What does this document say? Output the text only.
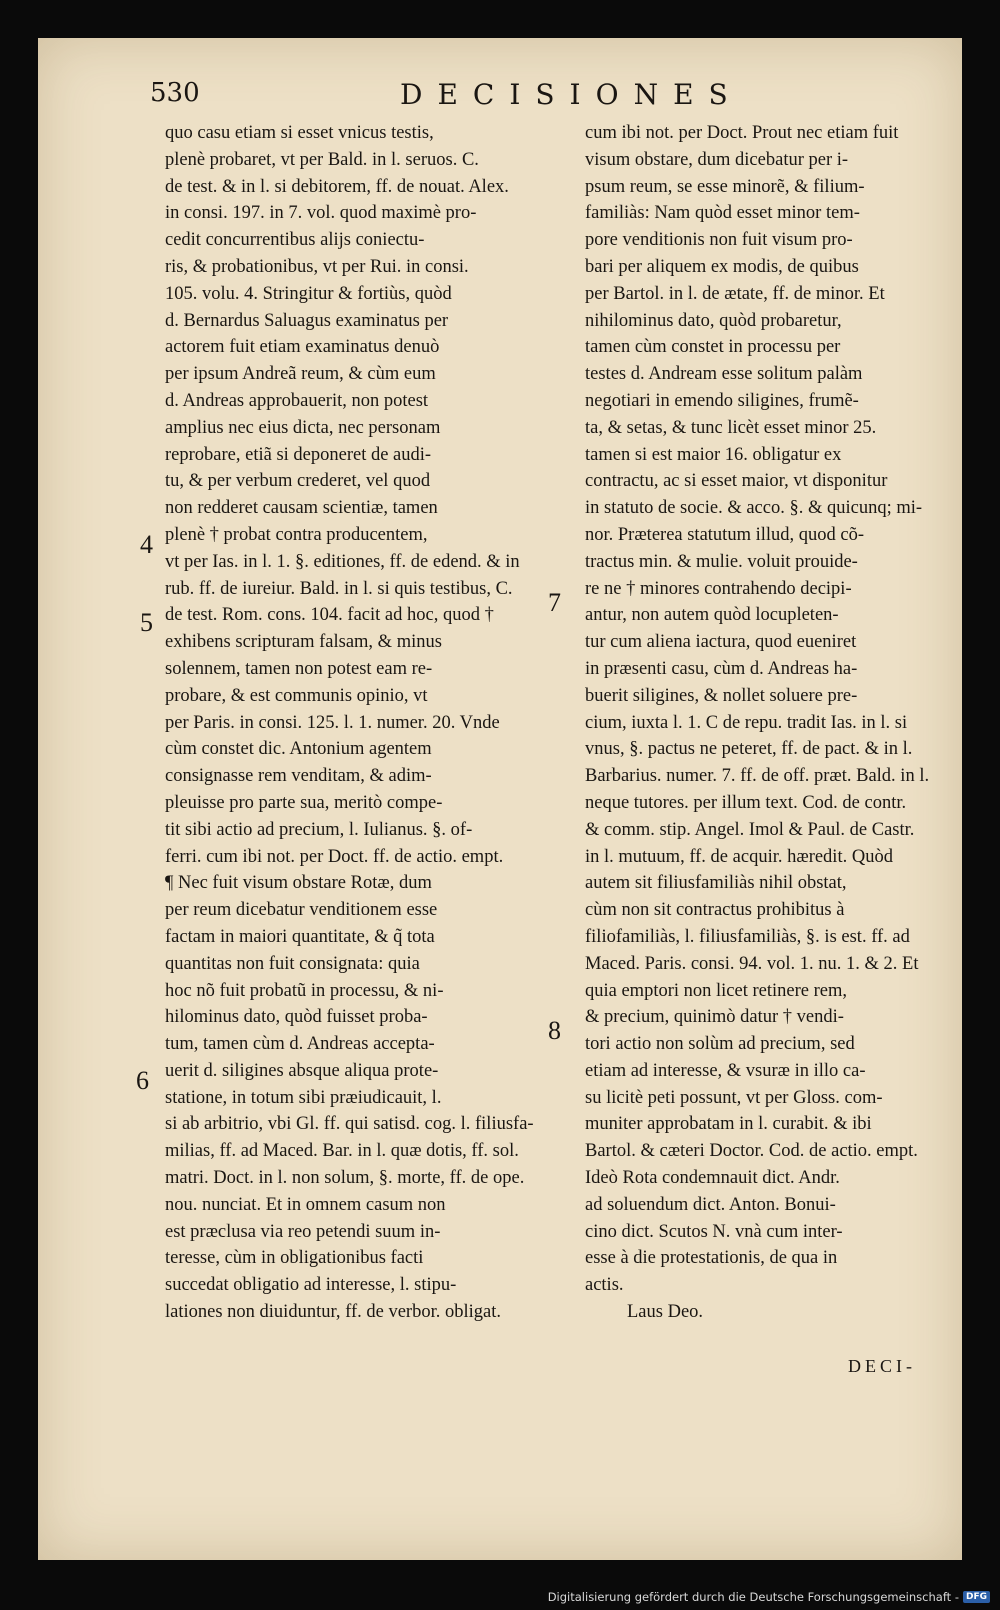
530	DECISIONES
quo casu etiam si esset vnicus testis,
plenè probaret, vt per Bald. in l. seruos. C.
de test. & in l. si debitorem, ff. de nouat. Alex.
in consi. 197. in 7. vol. quod maximè pro-
cedit concurrentibus alijs coniectu-
ris, & probationibus, vt per Rui. in consi.
105. volu. 4. Stringitur & fortiùs, quòd
d. Bernardus Saluagus examinatus per
actorem fuit etiam examinatus denuò
per ipsum Andreã reum, & cùm eum
d. Andreas approbauerit, non potest
amplius nec eius dicta, nec personam
reprobare, etiã si deponeret de audi-
tu, & per verbum crederet, vel quod
non redderet causam scientiæ, tamen
plenè † probat contra producentem,
vt per Ias. in l. 1. §. editiones, ff. de edend. & in
rub. ff. de iureiur. Bald. in l. si quis testibus, C.
de test. Rom. cons. 104. facit ad hoc, quod †
exhibens scripturam falsam, & minus
solennem, tamen non potest eam re-
probare, & est communis opinio, vt
per Paris. in consi. 125. l. 1. numer. 20. Vnde
cùm constet dic. Antonium agentem
consignasse rem venditam, & adim-
pleuisse pro parte sua, meritò compe-
tit sibi actio ad precium, l. Iulianus. §. of-
ferri. cum ibi not. per Doct. ff. de actio. empt.
¶ Nec fuit visum obstare Rotæ, dum
per reum dicebatur venditionem esse
factam in maiori quantitate, & q̃ tota
quantitas non fuit consignata: quia
hoc nõ fuit probatũ in processu, & ni-
hilominus dato, quòd fuisset proba-
tum, tamen cùm d. Andreas accepta-
uerit d. siligines absque aliqua prote-
statione, in totum sibi præiudicauit, l.
si ab arbitrio, vbi Gl. ff. qui satisd. cog. l. filiusfa-
milias, ff. ad Maced. Bar. in l. quæ dotis, ff. sol.
matri. Doct. in l. non solum, §. morte, ff. de ope.
nou. nunciat. Et in omnem casum non
est præclusa via reo petendi suum in-
teresse, cùm in obligationibus facti
succedat obligatio ad interesse, l. stipu-
lationes non diuiduntur, ff. de verbor. obligat.
cum ibi not. per Doct. Prout nec etiam fuit
visum obstare, dum dicebatur per i-
psum reum, se esse minorẽ, & filium-
familiàs: Nam quòd esset minor tem-
pore venditionis non fuit visum pro-
bari per aliquem ex modis, de quibus
per Bartol. in l. de ætate, ff. de minor. Et
nihilominus dato, quòd probaretur,
tamen cùm constet in processu per
testes d. Andream esse solitum palàm
negotiari in emendo siligines, frumẽ-
ta, & setas, & tunc licèt esset minor 25.
tamen si est maior 16. obligatur ex
contractu, ac si esset maior, vt disponitur
in statuto de socie. & acco. §. & quicunq; mi-
nor. Præterea statutum illud, quod cõ-
tractus min. & mulie. voluit prouide-
re ne † minores contrahendo decipi-
antur, non autem quòd locupleten-
tur cum aliena iactura, quod eueniret
in præsenti casu, cùm d. Andreas ha-
buerit siligines, & nollet soluere pre-
cium, iuxta l. 1. C de repu. tradit Ias. in l. si
vnus, §. pactus ne peteret, ff. de pact. & in l.
Barbarius. numer. 7. ff. de off. præt. Bald. in l.
neque tutores. per illum text. Cod. de contr.
& comm. stip. Angel. Imol & Paul. de Castr.
in l. mutuum, ff. de acquir. hæredit. Quòd
autem sit filiusfamiliàs nihil obstat,
cùm non sit contractus prohibitus à
filiofamiliàs, l. filiusfamiliàs, §. is est. ff. ad
Maced. Paris. consi. 94. vol. 1. nu. 1. & 2. Et
quia emptori non licet retinere rem,
& precium, quinimò datur † vendi-
tori actio non solùm ad precium, sed
etiam ad interesse, & vsuræ in illo ca-
su licitè peti possunt, vt per Gloss. com-
muniter approbatam in l. curabit. & ibi
Bartol. & cæteri Doctor. Cod. de actio. empt.
Ideò Rota condemnauit dict. Andr.
ad soluendum dict. Anton. Bonui-
cino dict. Scutos N. vnà cum inter-
esse à die protestationis, de qua in
actis.
Laus Deo.
4
5
6
7
8
DECI-
Digitalisierung gefördert durch die Deutsche Forschungsgemeinschaft - DFG
